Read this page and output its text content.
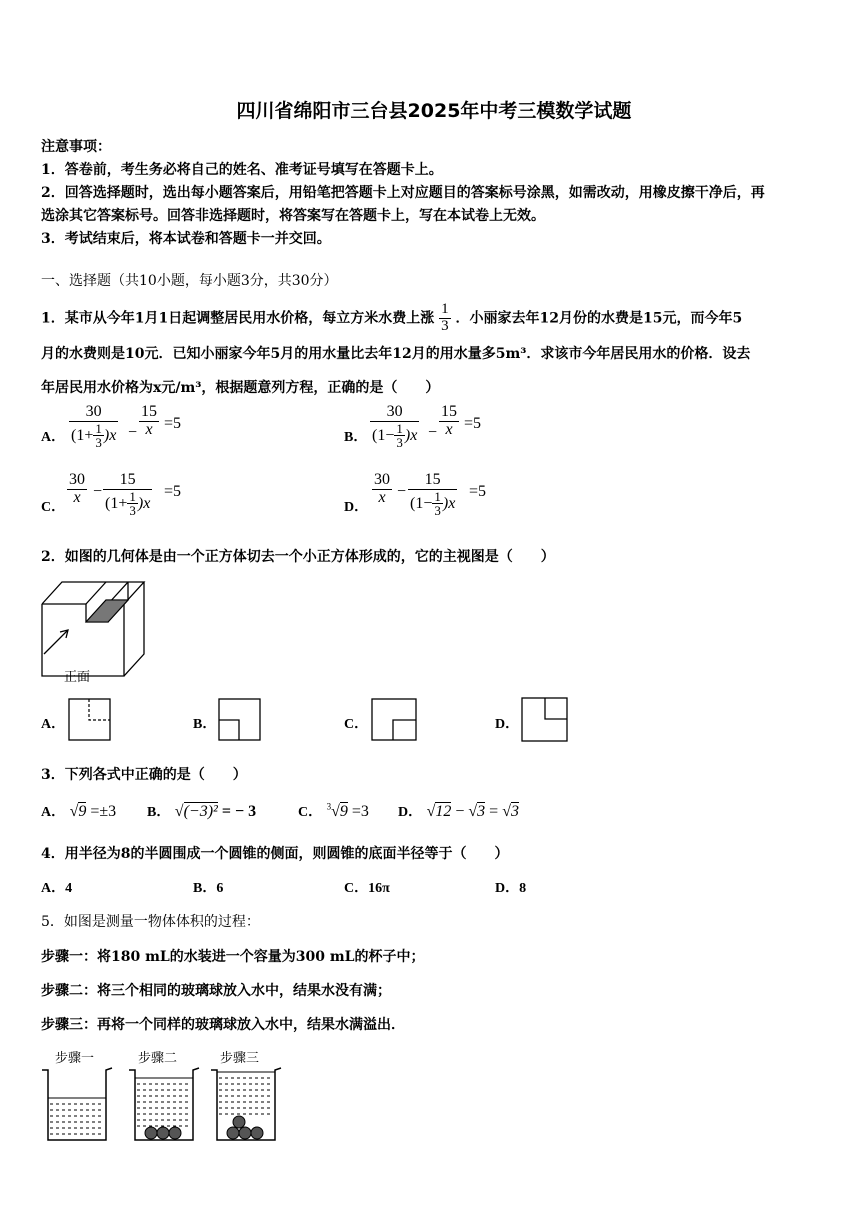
四川省绵阳市三台县2025年中考三模数学试题
注意事项：
1．答卷前，考生务必将自己的姓名、准考证号填写在答题卡上。
2．回答选择题时，选出每小题答案后，用铅笔把答题卡上对应题目的答案标号涂黑，如需改动，用橡皮擦干净后，再
选涂其它答案标号。回答非选择题时，将答案写在答题卡上，写在本试卷上无效。
3．考试结束后，将本试卷和答题卡一并交回。
一、选择题（共10小题，每小题3分，共30分）
1．某市从今年1月1日起调整居民用水价格，每立方米水费上涨 $\frac{1}{3}$ ．小丽家去年12月份的水费是15元，而今年5
月的水费则是10元．已知小丽家今年5月的用水量比去年12月的用水量多5m³．求该市今年居民用水的价格．设去
年居民用水价格为x元/m³，根据题意列方程，正确的是（　　）
A． $\frac{30}{(1+ \frac{1}{3} )x} - \frac{15}{x} =5$
B． $\frac{30}{(1- \frac{1}{3} )x} - \frac{15}{x} =5$
C．
$\frac{30}{x} - \frac{15}{(1+ \frac{1}{3} )x} =5$
D．
$\frac{30}{x} - \frac{15}{(1- \frac{1}{3} )x} =5$
2．如图的几何体是由一个正方体切去一个小正方体形成的，它的主视图是（　　）
正面
A．	B．	C．	D．
3．下列各式中正确的是（　　）
A． √9 =±3 B． √(−3)² = − 3	C． $^3$√9 =3 D． √12 − √3 = √3
4．用半径为8的半圆围成一个圆锥的侧面，则圆锥的底面半径等于（　　）
A．4	B．6	C．16π	D．8
5．如图是测量一物体体积的过程：
步骤一：将180 mL的水装进一个容量为300 mL的杯子中；
步骤二：将三个相同的玻璃球放入水中，结果水没有满；
步骤三：再将一个同样的玻璃球放入水中，结果水满溢出．
步骤一	步骤二	步骤三
